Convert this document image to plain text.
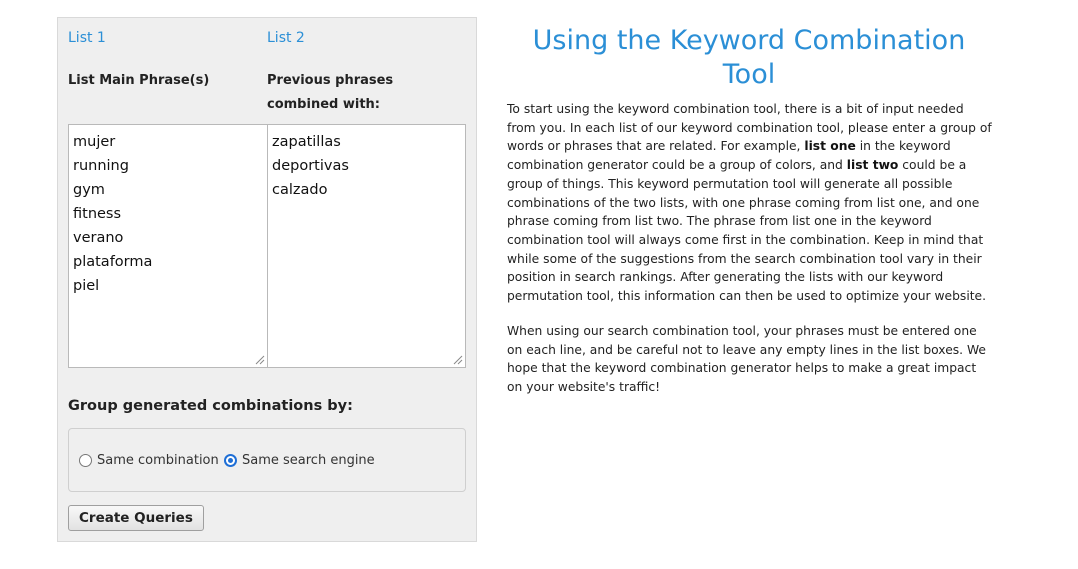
List 1	List 2
List Main Phrase(s)	Previous phrases combined with:
mujer
running
gym
fitness
verano
plataforma
piel
zapatillas
deportivas
calzado
Group generated combinations by:
Same combination Same search engine
Create Queries
Using the Keyword Combination Tool
To start using the keyword combination tool, there is a bit of input needed from you. In each list of our keyword combination tool, please enter a group of words or phrases that are related. For example, list one in the keyword combination generator could be a group of colors, and list two could be a group of things. This keyword permutation tool will generate all possible combinations of the two lists, with one phrase coming from list one, and one phrase coming from list two. The phrase from list one in the keyword combination tool will always come first in the combination. Keep in mind that while some of the suggestions from the search combination tool vary in their position in search rankings. After generating the lists with our keyword permutation tool, this information can then be used to optimize your website.
When using our search combination tool, your phrases must be entered one on each line, and be careful not to leave any empty lines in the list boxes. We hope that the keyword combination generator helps to make a great impact on your website's traffic!
